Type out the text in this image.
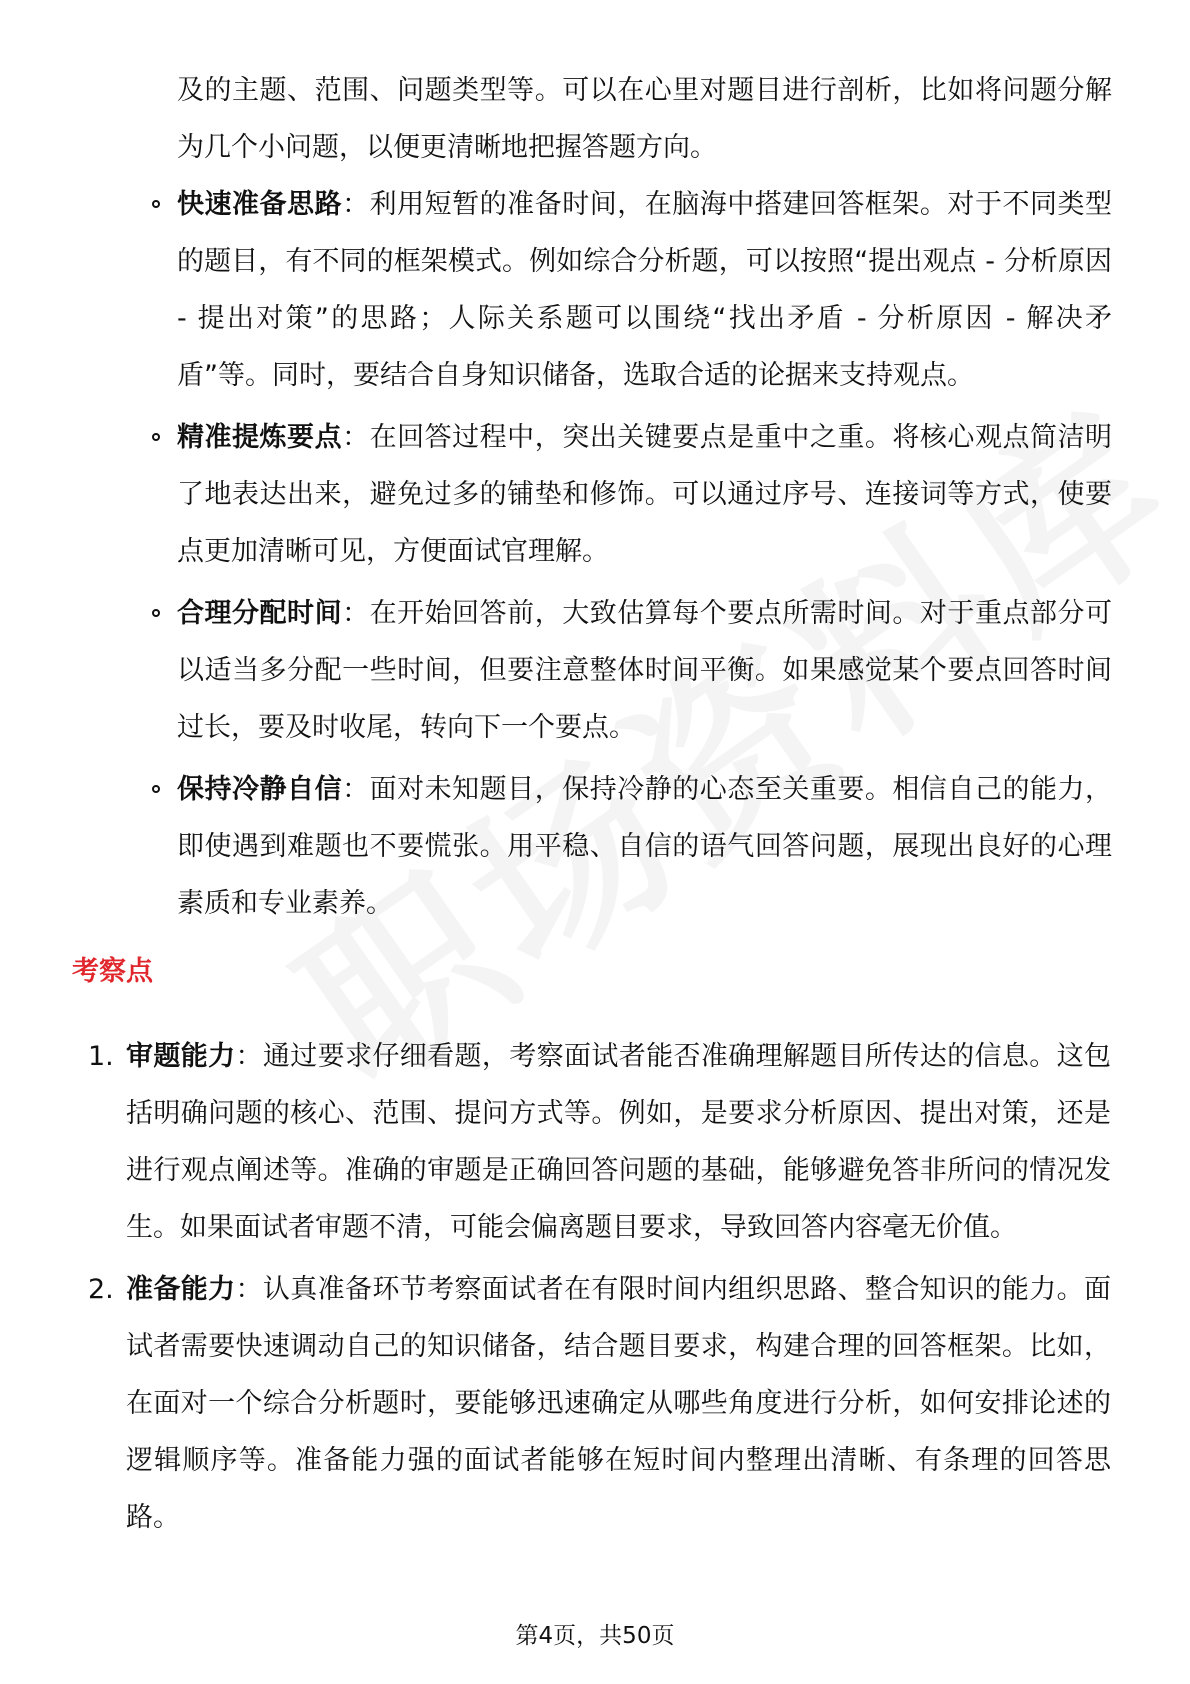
及的主题、范围、问题类型等。可以在心里对题目进行剖析，比如将问题分解为几个小问题，以便更清晰地把握答题方向。
快速准备思路：利用短暂的准备时间，在脑海中搭建回答框架。对于不同类型的题目，有不同的框架模式。例如综合分析题，可以按照“提出观点 - 分析原因 - 提出对策”的思路；人际关系题可以围绕“找出矛盾 - 分析原因 - 解决矛盾”等。同时，要结合自身知识储备，选取合适的论据来支持观点。
精准提炼要点：在回答过程中，突出关键要点是重中之重。将核心观点简洁明了地表达出来，避免过多的铺垫和修饰。可以通过序号、连接词等方式，使要点更加清晰可见，方便面试官理解。
合理分配时间：在开始回答前，大致估算每个要点所需时间。对于重点部分可以适当多分配一些时间，但要注意整体时间平衡。如果感觉某个要点回答时间过长，要及时收尾，转向下一个要点。
保持冷静自信：面对未知题目，保持冷静的心态至关重要。相信自己的能力，即使遇到难题也不要慌张。用平稳、自信的语气回答问题，展现出良好的心理素质和专业素养。
考察点
1. 审题能力：通过要求仔细看题，考察面试者能否准确理解题目所传达的信息。这包括明确问题的核心、范围、提问方式等。例如，是要求分析原因、提出对策，还是进行观点阐述等。准确的审题是正确回答问题的基础，能够避免答非所问的情况发生。如果面试者审题不清，可能会偏离题目要求，导致回答内容毫无价值。
2. 准备能力：认真准备环节考察面试者在有限时间内组织思路、整合知识的能力。面试者需要快速调动自己的知识储备，结合题目要求，构建合理的回答框架。比如，在面对一个综合分析题时，要能够迅速确定从哪些角度进行分析，如何安排论述的逻辑顺序等。准备能力强的面试者能够在短时间内整理出清晰、有条理的回答思路。
第4页，共50页
